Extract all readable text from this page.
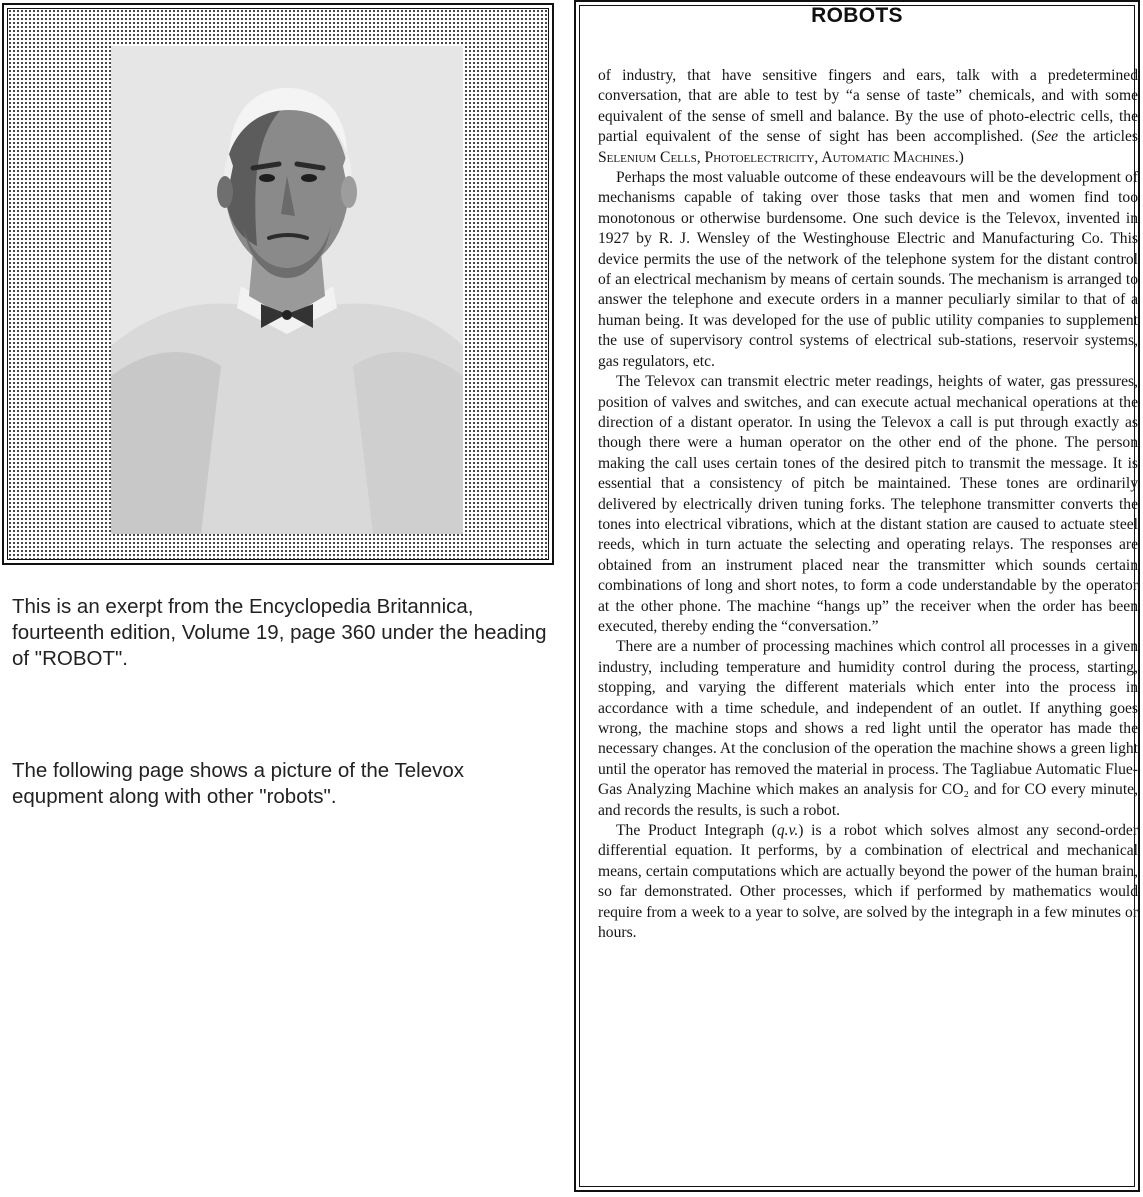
This is an exerpt from the Encyclopedia Britannica, fourteenth edition, Volume 19, page 360 under the heading of "ROBOT".

The following page shows a picture of the Televox equpment along with other "robots".

ROBOTS

of industry, that have sensitive fingers and ears, talk with a predetermined conversation, that are able to test by “a sense of taste” chemicals, and with some equivalent of the sense of smell and balance. By the use of photo-electric cells, the partial equivalent of the sense of sight has been accomplished. (See the articles Selenium Cells, Photoelectricity, Automatic Machines.)

Perhaps the most valuable outcome of these endeavours will be the development of mechanisms capable of taking over those tasks that men and women find too monotonous or otherwise burdensome. One such device is the Televox, invented in 1927 by R. J. Wensley of the Westinghouse Electric and Manufacturing Co. This device permits the use of the network of the telephone system for the distant control of an electrical mechanism by means of certain sounds. The mechanism is arranged to answer the telephone and execute orders in a manner peculiarly similar to that of a human being. It was developed for the use of public utility companies to supplement the use of supervisory control systems of electrical sub-stations, reservoir systems, gas regulators, etc.

The Televox can transmit electric meter readings, heights of water, gas pressures, position of valves and switches, and can execute actual mechanical operations at the direction of a distant operator. In using the Televox a call is put through exactly as though there were a human operator on the other end of the phone. The person making the call uses certain tones of the desired pitch to transmit the message. It is essential that a consistency of pitch be maintained. These tones are ordinarily delivered by electrically driven tuning forks. The telephone transmitter converts the tones into electrical vibrations, which at the distant station are caused to actuate steel reeds, which in turn actuate the selecting and operating relays. The responses are obtained from an instrument placed near the transmitter which sounds certain combinations of long and short notes, to form a code understandable by the operator at the other phone. The machine “hangs up” the receiver when the order has been executed, thereby ending the “conversation.”

There are a number of processing machines which control all processes in a given industry, including temperature and humidity control during the process, starting, stopping, and varying the different materials which enter into the process in accordance with a time schedule, and independent of an outlet. If anything goes wrong, the machine stops and shows a red light until the operator has made the necessary changes. At the conclusion of the operation the machine shows a green light until the operator has removed the material in process. The Tagliabue Automatic Flue-Gas Analyzing Machine which makes an analysis for CO₂ and for CO every minute, and records the results, is such a robot.

The Product Integraph (q.v.) is a robot which solves almost any second-order differential equation. It performs, by a combination of electrical and mechanical means, certain computations which are actually beyond the power of the human brain, so far demonstrated. Other processes, which if performed by mathematics would require from a week to a year to solve, are solved by the integraph in a few minutes or hours.
